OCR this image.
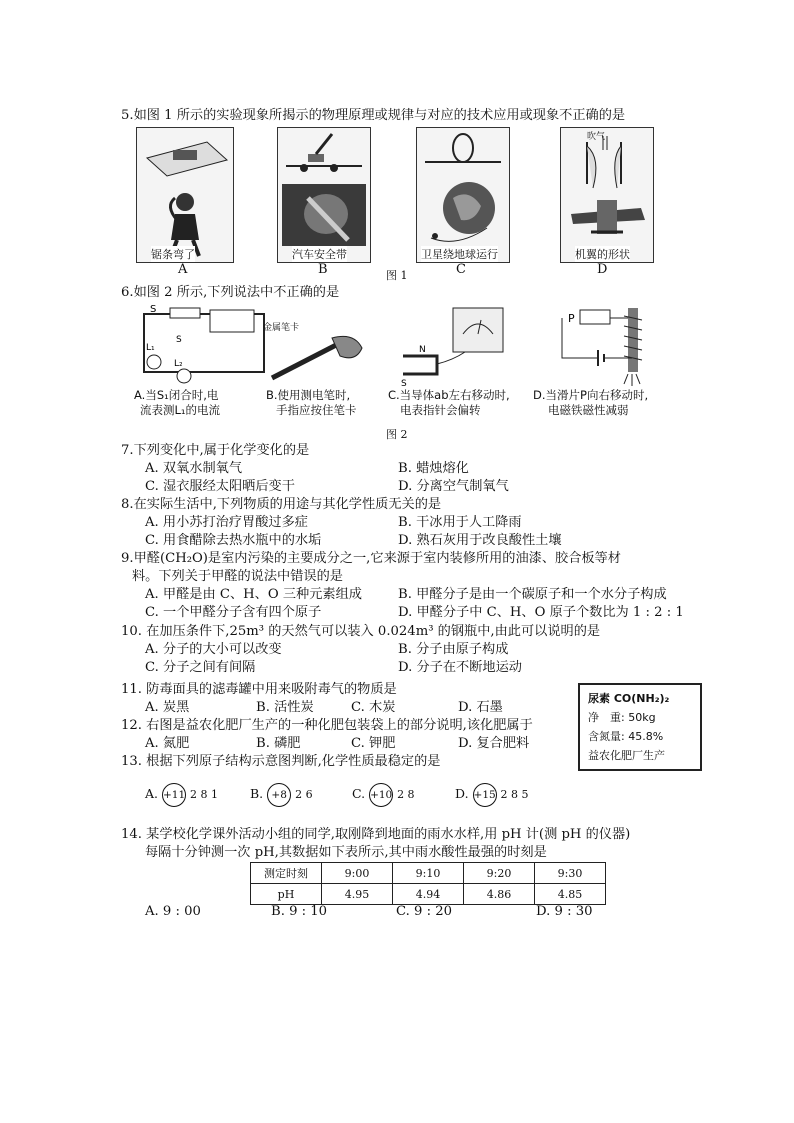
5.如图 1 所示的实验现象所揭示的物理原理或规律与对应的技术应用或现象不正确的是
锯条弯了
A
汽车安全带
B
卫星绕地球运行
C
图 1
吹气
机翼的形状
D
6.如图 2 所示,下列说法中不正确的是
S
L₁
L₂
S
金属笔卡
N
S
P
A.当S₁闭合时,电
流表测L₁的电流
B.使用测电笔时,
手指应按住笔卡
C.当导体ab左右移动时,
电表指针会偏转
D.当滑片P向右移动时,
电磁铁磁性减弱
图 2
7.下列变化中,属于化学变化的是
A. 双氧水制氧气	B. 蜡烛熔化
C. 湿衣服经太阳晒后变干	D. 分离空气制氧气
8.在实际生活中,下列物质的用途与其化学性质无关的是
A. 用小苏打治疗胃酸过多症	B. 干冰用于人工降雨
C. 用食醋除去热水瓶中的水垢	D. 熟石灰用于改良酸性土壤
9.甲醛(CH₂O)是室内污染的主要成分之一,它来源于室内装修所用的油漆、胶合板等材
料。下列关于甲醛的说法中错误的是
A. 甲醛是由 C、H、O 三种元素组成	B. 甲醛分子是由一个碳原子和一个水分子构成
C. 一个甲醛分子含有四个原子	D. 甲醛分子中 C、H、O 原子个数比为 1 : 2 : 1
10. 在加压条件下,25m³ 的天然气可以装入 0.024m³ 的钢瓶中,由此可以说明的是
A. 分子的大小可以改变	B. 分子由原子构成
C. 分子之间有间隔	D. 分子在不断地运动
11. 防毒面具的滤毒罐中用来吸附毒气的物质是
A. 炭黑	B. 活性炭	C. 木炭	D. 石墨
尿素 CO(NH₂)₂
净　重: 50kg
含氮量: 45.8%
益农化肥厂生产
12. 右图是益农化肥厂生产的一种化肥包装袋上的部分说明,该化肥属于
A. 氮肥	B. 磷肥	C. 钾肥	D. 复合肥料
13. 根据下列原子结构示意图判断,化学性质最稳定的是
A. +11 2 8 1	B. +8 2 6	C. +10 2 8	D. +15 2 8 5
14. 某学校化学课外活动小组的同学,取刚降到地面的雨水水样,用 pH 计(测 pH 的仪器)
每隔十分钟测一次 pH,其数据如下表所示,其中雨水酸性最强的时刻是
测定时刻	9:00	9:10	9:20	9:30
pH	4.95	4.94	4.86	4.85
A. 9 : 00	B. 9 : 10	C. 9 : 20	D. 9 : 30
